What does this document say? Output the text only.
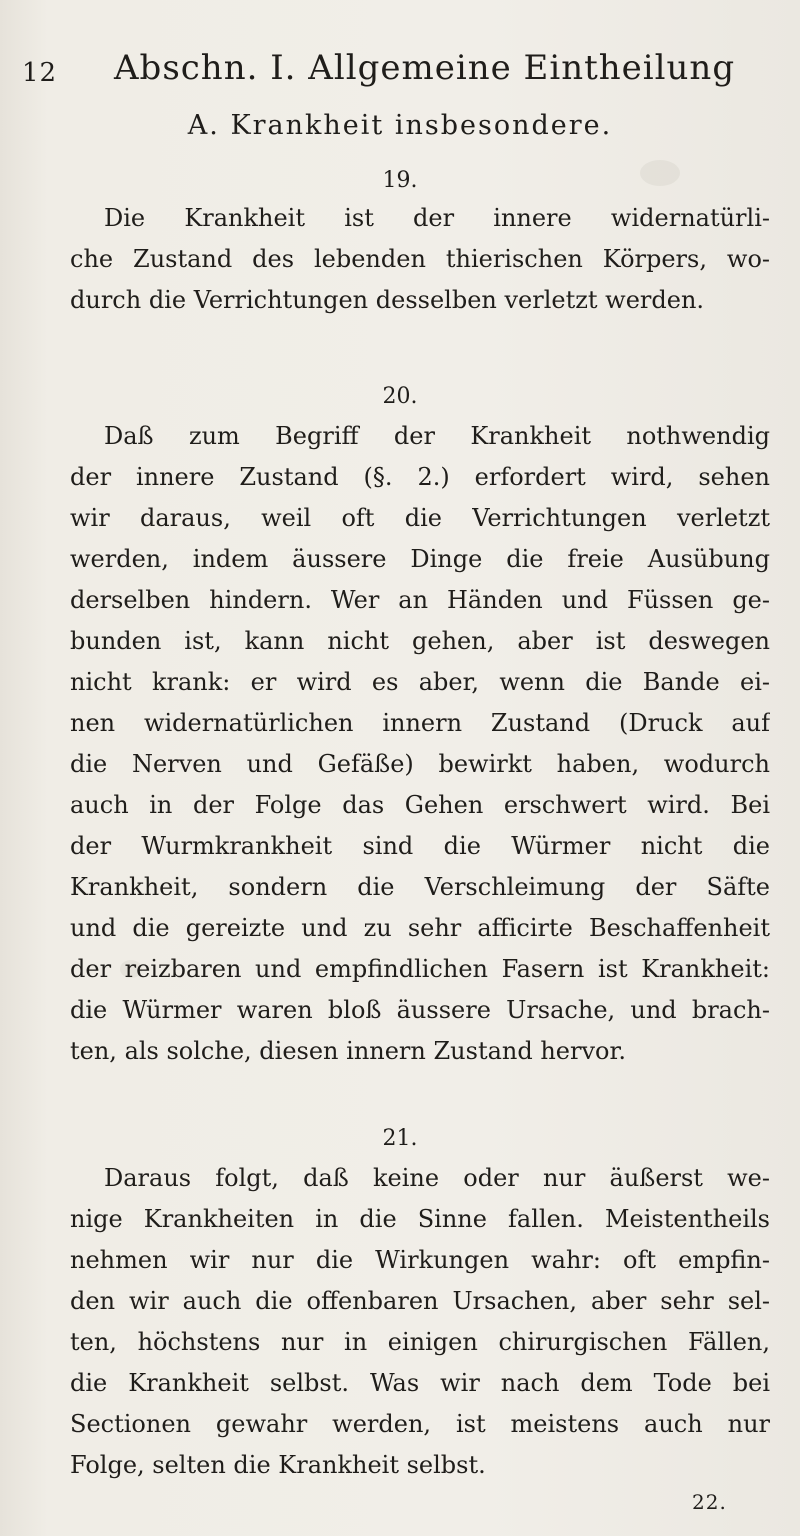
12 Abschn. I. Allgemeine Eintheilung
A. Krankheit insbesondere.
19.
Die Krankheit ist der innere widernatürli-
che Zustand des lebenden thierischen Körpers, wo-
durch die Verrichtungen desselben verletzt werden.
20.
Daß zum Begriff der Krankheit nothwendig
der innere Zustand (§. 2.) erfordert wird, sehen
wir daraus, weil oft die Verrichtungen verletzt
werden, indem äussere Dinge die freie Ausübung
derselben hindern. Wer an Händen und Füssen ge-
bunden ist, kann nicht gehen, aber ist deswegen
nicht krank: er wird es aber, wenn die Bande ei-
nen widernatürlichen innern Zustand (Druck auf
die Nerven und Gefäße) bewirkt haben, wodurch
auch in der Folge das Gehen erschwert wird. Bei
der Wurmkrankheit sind die Würmer nicht die
Krankheit, sondern die Verschleimung der Säfte
und die gereizte und zu sehr afficirte Beschaffenheit
der reizbaren und empfindlichen Fasern ist Krankheit:
die Würmer waren bloß äussere Ursache, und brach-
ten, als solche, diesen innern Zustand hervor.
21.
Daraus folgt, daß keine oder nur äußerst we-
nige Krankheiten in die Sinne fallen. Meistentheils
nehmen wir nur die Wirkungen wahr: oft empfin-
den wir auch die offenbaren Ursachen, aber sehr sel-
ten, höchstens nur in einigen chirurgischen Fällen,
die Krankheit selbst. Was wir nach dem Tode bei
Sectionen gewahr werden, ist meistens auch nur
Folge, selten die Krankheit selbst.
22.
